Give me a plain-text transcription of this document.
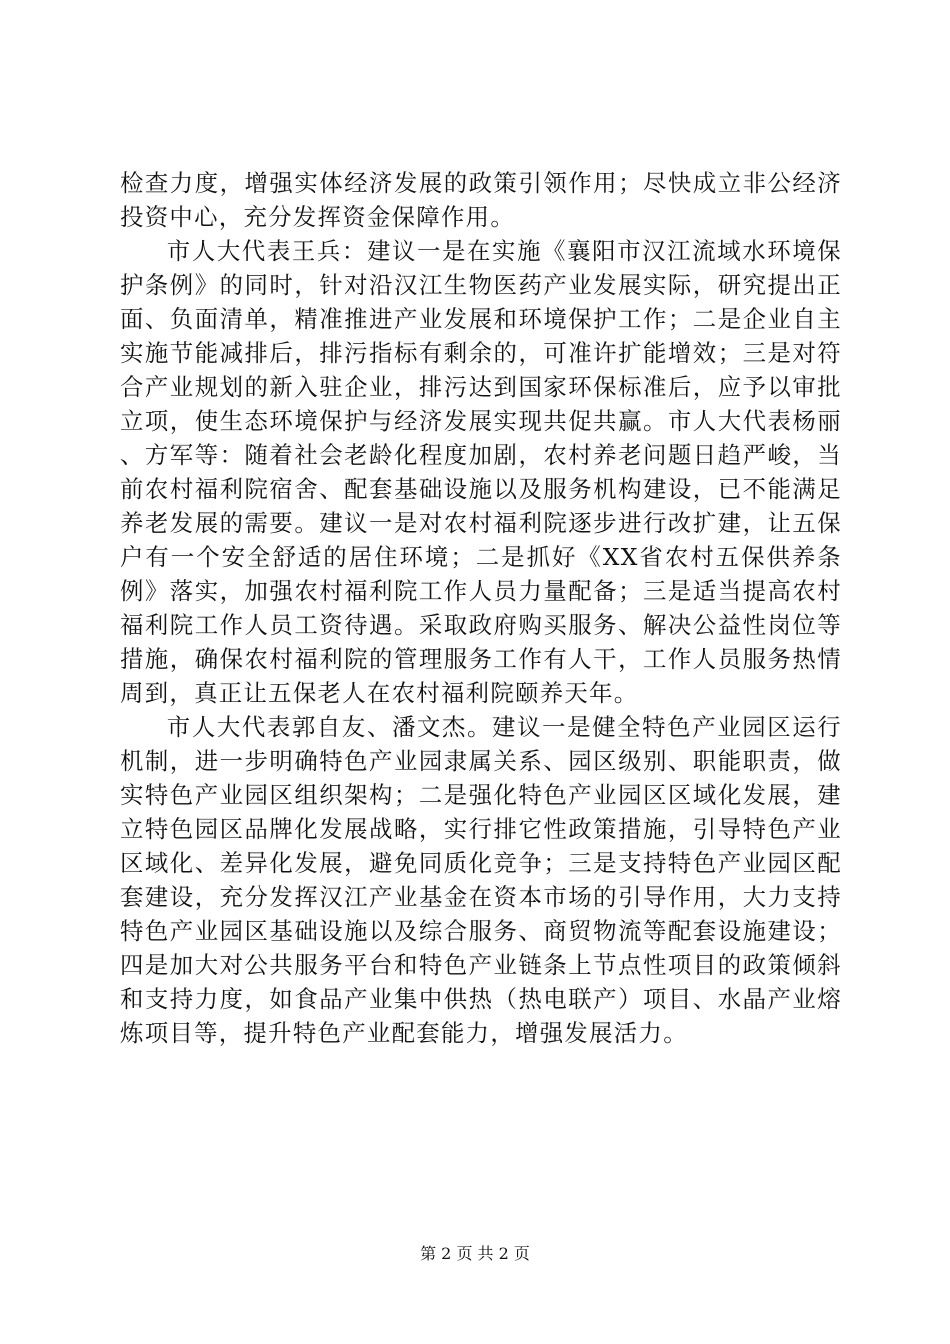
检查力度，增强实体经济发展的政策引领作用；尽快成立非公经济投资中心，充分发挥资金保障作用。

市人大代表王兵：建议一是在实施《襄阳市汉江流域水环境保护条例》的同时，针对沿汉江生物医药产业发展实际，研究提出正面、负面清单，精准推进产业发展和环境保护工作；二是企业自主实施节能减排后，排污指标有剩余的，可准许扩能增效；三是对符合产业规划的新入驻企业，排污达到国家环保标准后，应予以审批立项，使生态环境保护与经济发展实现共促共赢。市人大代表杨丽、方军等：随着社会老龄化程度加剧，农村养老问题日趋严峻，当前农村福利院宿舍、配套基础设施以及服务机构建设，已不能满足养老发展的需要。建议一是对农村福利院逐步进行改扩建，让五保户有一个安全舒适的居住环境；二是抓好《XX省农村五保供养条例》落实，加强农村福利院工作人员力量配备；三是适当提高农村福利院工作人员工资待遇。采取政府购买服务、解决公益性岗位等措施，确保农村福利院的管理服务工作有人干，工作人员服务热情周到，真正让五保老人在农村福利院颐养天年。

市人大代表郭自友、潘文杰。建议一是健全特色产业园区运行机制，进一步明确特色产业园隶属关系、园区级别、职能职责，做实特色产业园区组织架构；二是强化特色产业园区区域化发展，建立特色园区品牌化发展战略，实行排它性政策措施，引导特色产业区域化、差异化发展，避免同质化竞争；三是支持特色产业园区配套建设，充分发挥汉江产业基金在资本市场的引导作用，大力支持特色产业园区基础设施以及综合服务、商贸物流等配套设施建设；四是加大对公共服务平台和特色产业链条上节点性项目的政策倾斜和支持力度，如食品产业集中供热（热电联产）项目、水晶产业熔炼项目等，提升特色产业配套能力，增强发展活力。

第 2 页 共 2 页
